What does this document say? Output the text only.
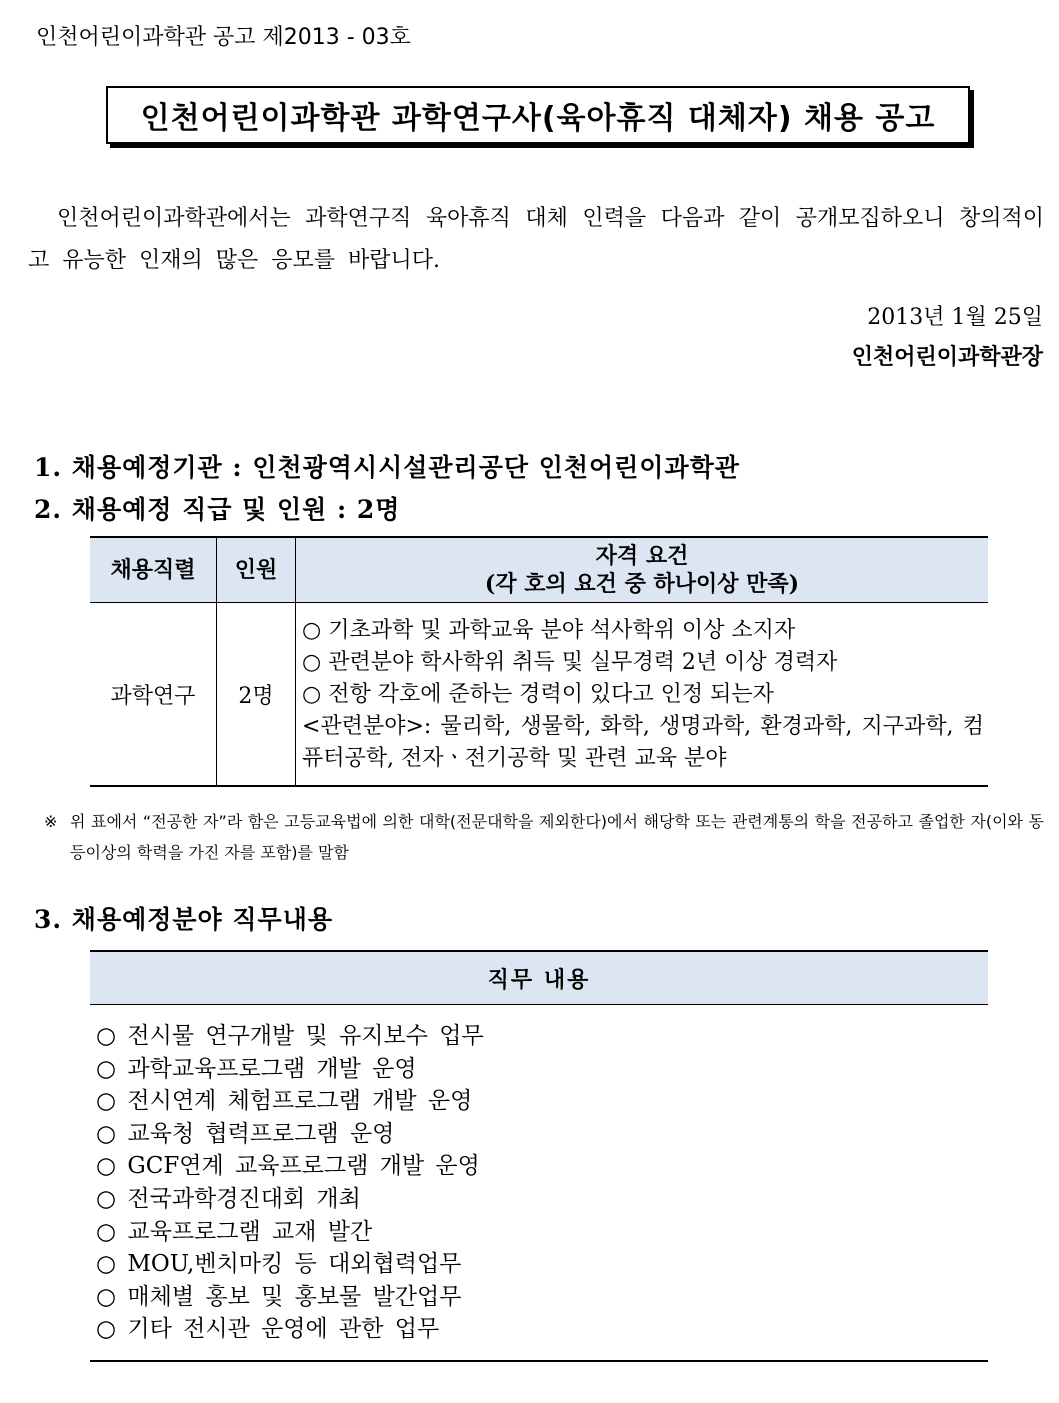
인천어린이과학관 공고 제2013 - 03호
인천어린이과학관 과학연구사(육아휴직 대체자) 채용 공고
인천어린이과학관에서는 과학연구직 육아휴직 대체 인력을 다음과 같이 공개모집하오니 창의적이고 유능한 인재의 많은 응모를 바랍니다.
2013년 1월 25일
인천어린이과학관장
1. 채용예정기관 : 인천광역시시설관리공단 인천어린이과학관
2. 채용예정 직급 및 인원 : 2명
채용직렬	인원	자격 요건
(각 호의 요건 중 하나이상 만족)

과학연구	2명	○ 기초과학 및 과학교육 분야 석사학위 이상 소지자
○ 관련분야 학사학위 취득 및 실무경력 2년 이상 경력자
○ 전항 각호에 준하는 경력이 있다고 인정 되는자
<관련분야>: 물리학, 생물학, 화학, 생명과학, 환경과학, 지구과학, 컴퓨터공학, 전자ㆍ전기공학 및 관련 교육 분야
※ 위 표에서 “전공한 자”라 함은 고등교육법에 의한 대학(전문대학을 제외한다)에서 해당학 또는 관련계통의 학을 전공하고 졸업한 자(이와 동등이상의 학력을 가진 자를 포함)를 말함
3. 채용예정분야 직무내용
직무 내용
○ 전시물 연구개발 및 유지보수 업무
○ 과학교육프로그램 개발 운영
○ 전시연계 체험프로그램 개발 운영
○ 교육청 협력프로그램 운영
○ GCF연계 교육프로그램 개발 운영
○ 전국과학경진대회 개최
○ 교육프로그램 교재 발간
○ MOU,벤치마킹 등 대외협력업무
○ 매체별 홍보 및 홍보물 발간업무
○ 기타 전시관 운영에 관한 업무
